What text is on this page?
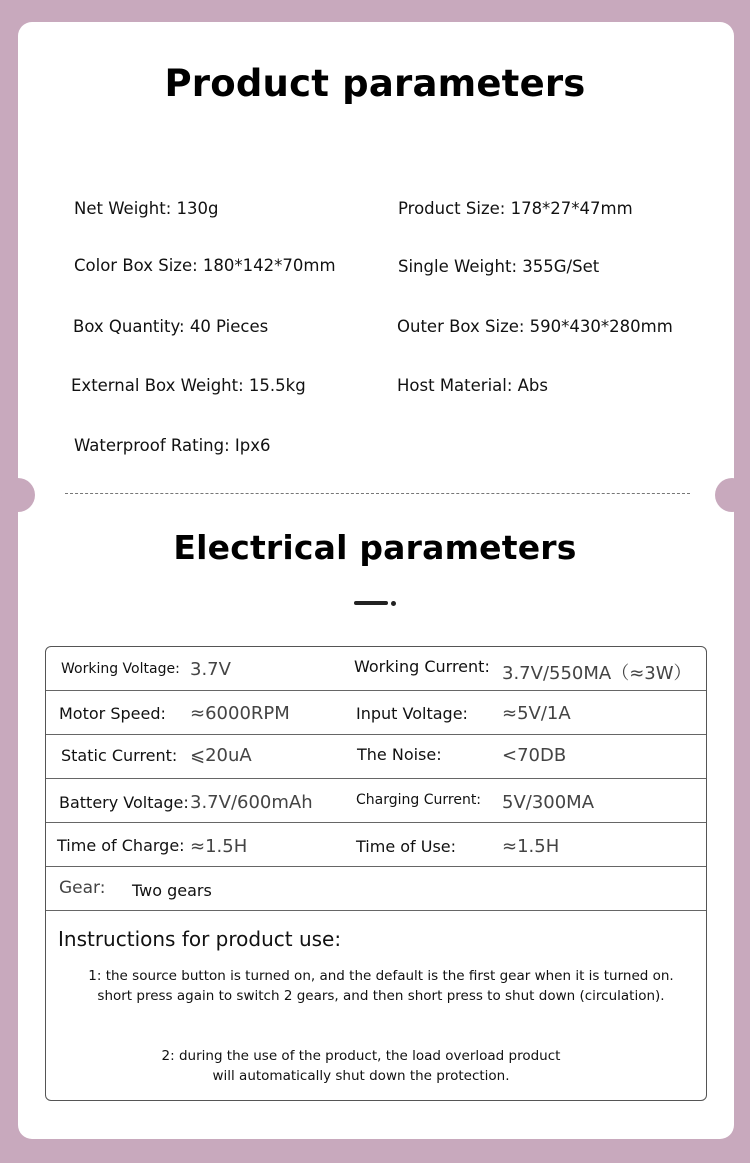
Product parameters
Net Weight: 130g	Product Size: 178*27*47mm
Color Box Size: 180*142*70mm	Single Weight: 355G/Set
Box Quantity: 40 Pieces	Outer Box Size: 590*430*280mm
External Box Weight: 15.5kg	Host Material: Abs
Waterproof Rating: Ipx6
Electrical parameters
Working Voltage: 3.7V	Working Current: 3.7V/550MA（≈3W）
Motor Speed: ≈6000RPM	Input Voltage: ≈5V/1A
Static Current: ⩽20uA	The Noise:	<70DB
Battery Voltage: 3.7V/600mAh	Charging Current: 5V/300MA
Time of Charge: ≈1.5H	Time of Use:	≈1.5H
Gear: Two gears
Instructions for product use:
1: the source button is turned on, and the default is the first gear when it is turned on. short press again to switch 2 gears, and then short press to shut down (circulation).
2: during the use of the product, the load overload product will automatically shut down the protection.
